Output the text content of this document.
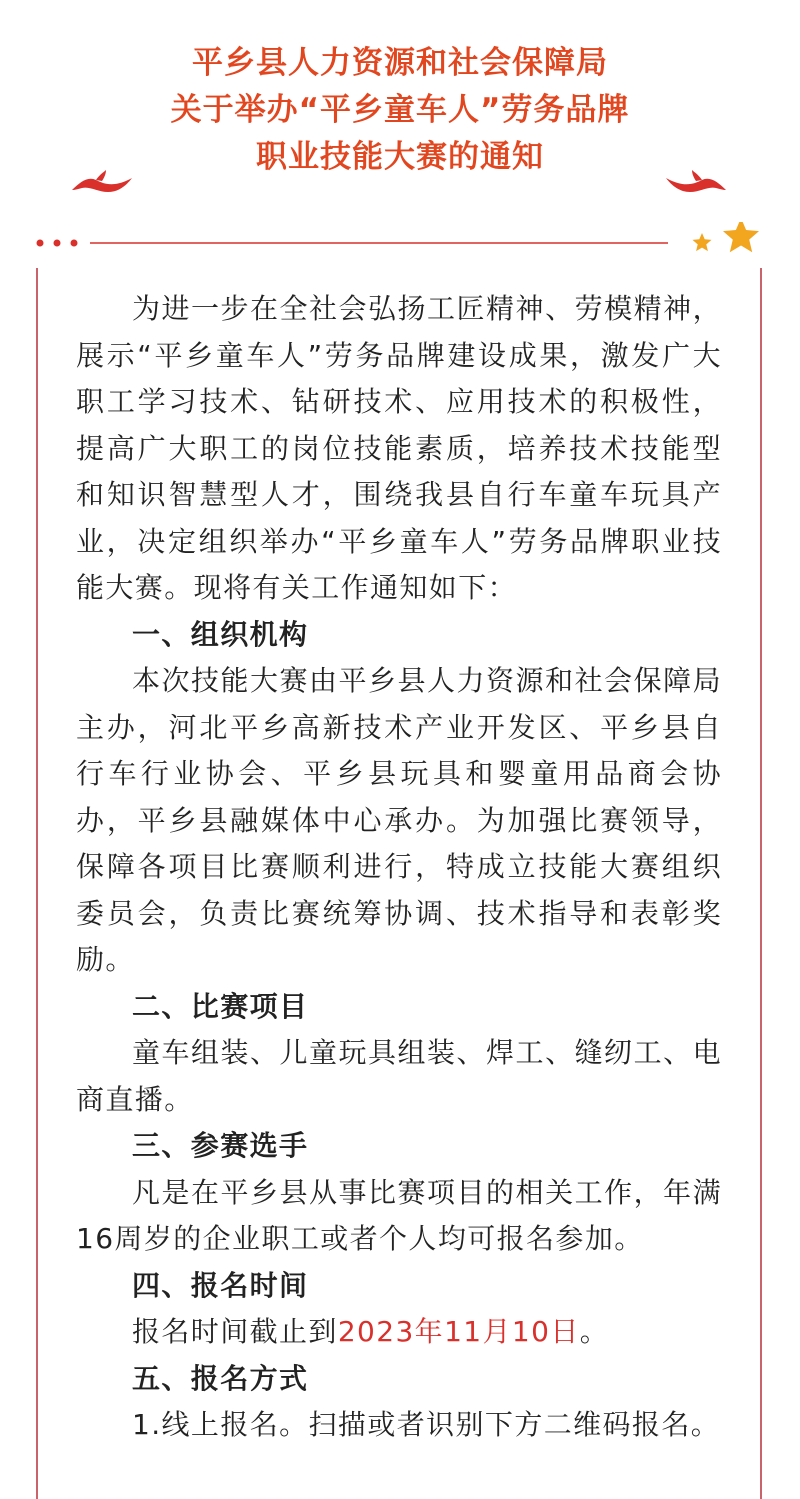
平乡县人力资源和社会保障局
关于举办“平乡童车人”劳务品牌
职业技能大赛的通知

为进一步在全社会弘扬工匠精神、劳模精神，展示“平乡童车人”劳务品牌建设成果，激发广大职工学习技术、钻研技术、应用技术的积极性，提高广大职工的岗位技能素质，培养技术技能型和知识智慧型人才，围绕我县自行车童车玩具产业，决定组织举办“平乡童车人”劳务品牌职业技能大赛。现将有关工作通知如下：

一、组织机构

本次技能大赛由平乡县人力资源和社会保障局主办，河北平乡高新技术产业开发区、平乡县自行车行业协会、平乡县玩具和婴童用品商会协办，平乡县融媒体中心承办。为加强比赛领导，保障各项目比赛顺利进行，特成立技能大赛组织委员会，负责比赛统筹协调、技术指导和表彰奖励。

二、比赛项目

童车组装、儿童玩具组装、焊工、缝纫工、电商直播。

三、参赛选手

凡是在平乡县从事比赛项目的相关工作，年满16周岁的企业职工或者个人均可报名参加。

四、报名时间

报名时间截止到2023年11月10日。

五、报名方式

1.线上报名。扫描或者识别下方二维码报名。
